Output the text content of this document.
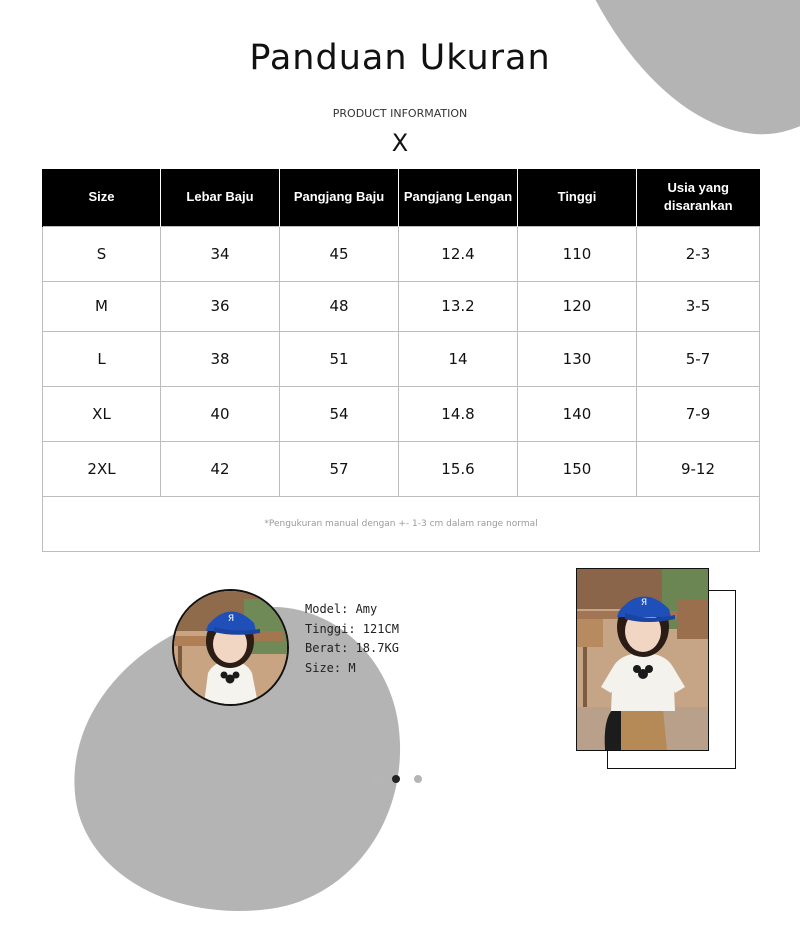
Panduan Ukuran
PRODUCT INFORMATION
X
Size	Lebar Baju	Pangjang Baju	Pangjang Lengan	Tinggi	Usia yang disarankan
S	34	45	12.4	110	2-3
M	36	48	13.2	120	3-5
L	38	51	14	130	5-7
XL	40	54	14.8	140	7-9
2XL	42	57	15.6	150	9-12
*Pengukuran manual dengan +- 1-3 cm dalam range normal					
Я
Model: Amy
Tinggi: 121CM
Berat: 18.7KG
Size: M
Я
